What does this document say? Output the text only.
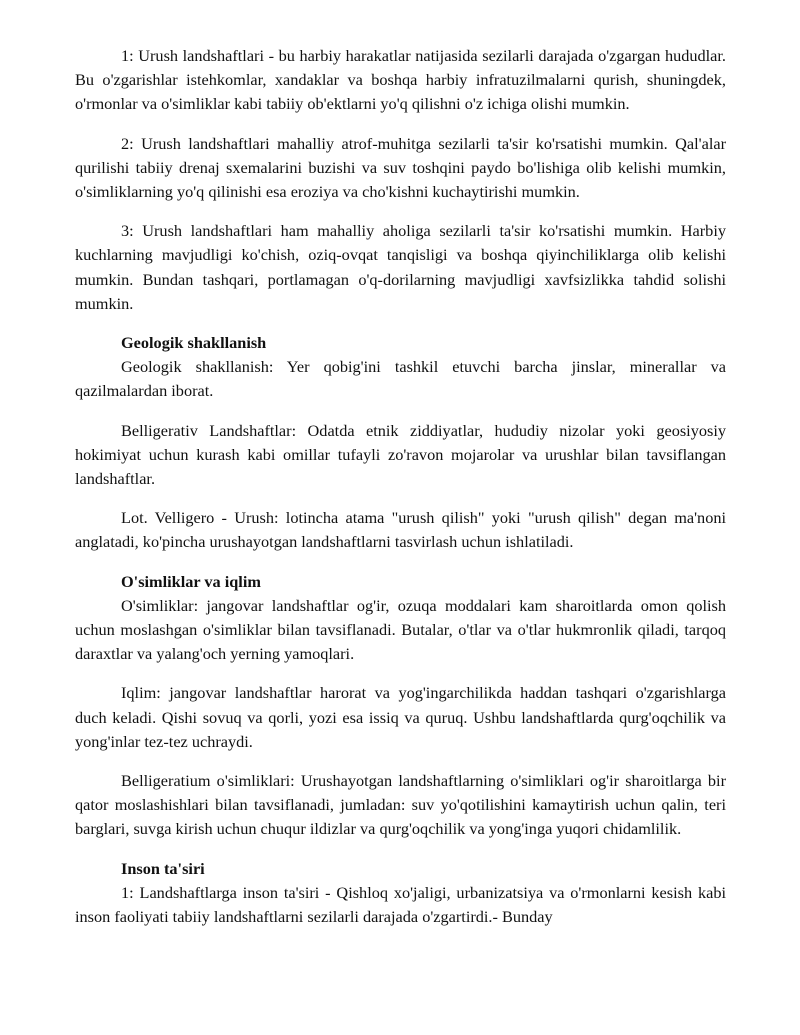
1: Urush landshaftlari - bu harbiy harakatlar natijasida sezilarli darajada o'zgargan hududlar. Bu o'zgarishlar istehkomlar, xandaklar va boshqa harbiy infratuzilmalarni qurish, shuningdek, o'rmonlar va o'simliklar kabi tabiiy ob'ektlarni yo'q qilishni o'z ichiga olishi mumkin.

2: Urush landshaftlari mahalliy atrof-muhitga sezilarli ta'sir ko'rsatishi mumkin. Qal'alar qurilishi tabiiy drenaj sxemalarini buzishi va suv toshqini paydo bo'lishiga olib kelishi mumkin, o'simliklarning yo'q qilinishi esa eroziya va cho'kishni kuchaytirishi mumkin.

3: Urush landshaftlari ham mahalliy aholiga sezilarli ta'sir ko'rsatishi mumkin. Harbiy kuchlarning mavjudligi ko'chish, oziq-ovqat tanqisligi va boshqa qiyinchiliklarga olib kelishi mumkin. Bundan tashqari, portlamagan o'q-dorilarning mavjudligi xavfsizlikka tahdid solishi mumkin.

Geologik shakllanish

Geologik shakllanish: Yer qobig'ini tashkil etuvchi barcha jinslar, minerallar va qazilmalardan iborat.

Belligerativ Landshaftlar: Odatda etnik ziddiyatlar, hududiy nizolar yoki geosiyosiy hokimiyat uchun kurash kabi omillar tufayli zo'ravon mojarolar va urushlar bilan tavsiflangan landshaftlar.

Lot. Velligero - Urush: lotincha atama "urush qilish" yoki "urush qilish" degan ma'noni anglatadi, ko'pincha urushayotgan landshaftlarni tasvirlash uchun ishlatiladi.

O'simliklar va iqlim

O'simliklar: jangovar landshaftlar og'ir, ozuqa moddalari kam sharoitlarda omon qolish uchun moslashgan o'simliklar bilan tavsiflanadi. Butalar, o'tlar va o'tlar hukmronlik qiladi, tarqoq daraxtlar va yalang'och yerning yamoqlari.

Iqlim: jangovar landshaftlar harorat va yog'ingarchilikda haddan tashqari o'zgarishlarga duch keladi. Qishi sovuq va qorli, yozi esa issiq va quruq. Ushbu landshaftlarda qurg'oqchilik va yong'inlar tez-tez uchraydi.

Belligeratium o'simliklari: Urushayotgan landshaftlarning o'simliklari og'ir sharoitlarga bir qator moslashishlari bilan tavsiflanadi, jumladan: suv yo'qotilishini kamaytirish uchun qalin, teri barglari, suvga kirish uchun chuqur ildizlar va qurg'oqchilik va yong'inga yuqori chidamlilik.

Inson ta'siri

1: Landshaftlarga inson ta'siri - Qishloq xo'jaligi, urbanizatsiya va o'rmonlarni kesish kabi inson faoliyati tabiiy landshaftlarni sezilarli darajada o'zgartirdi.- Bunday
